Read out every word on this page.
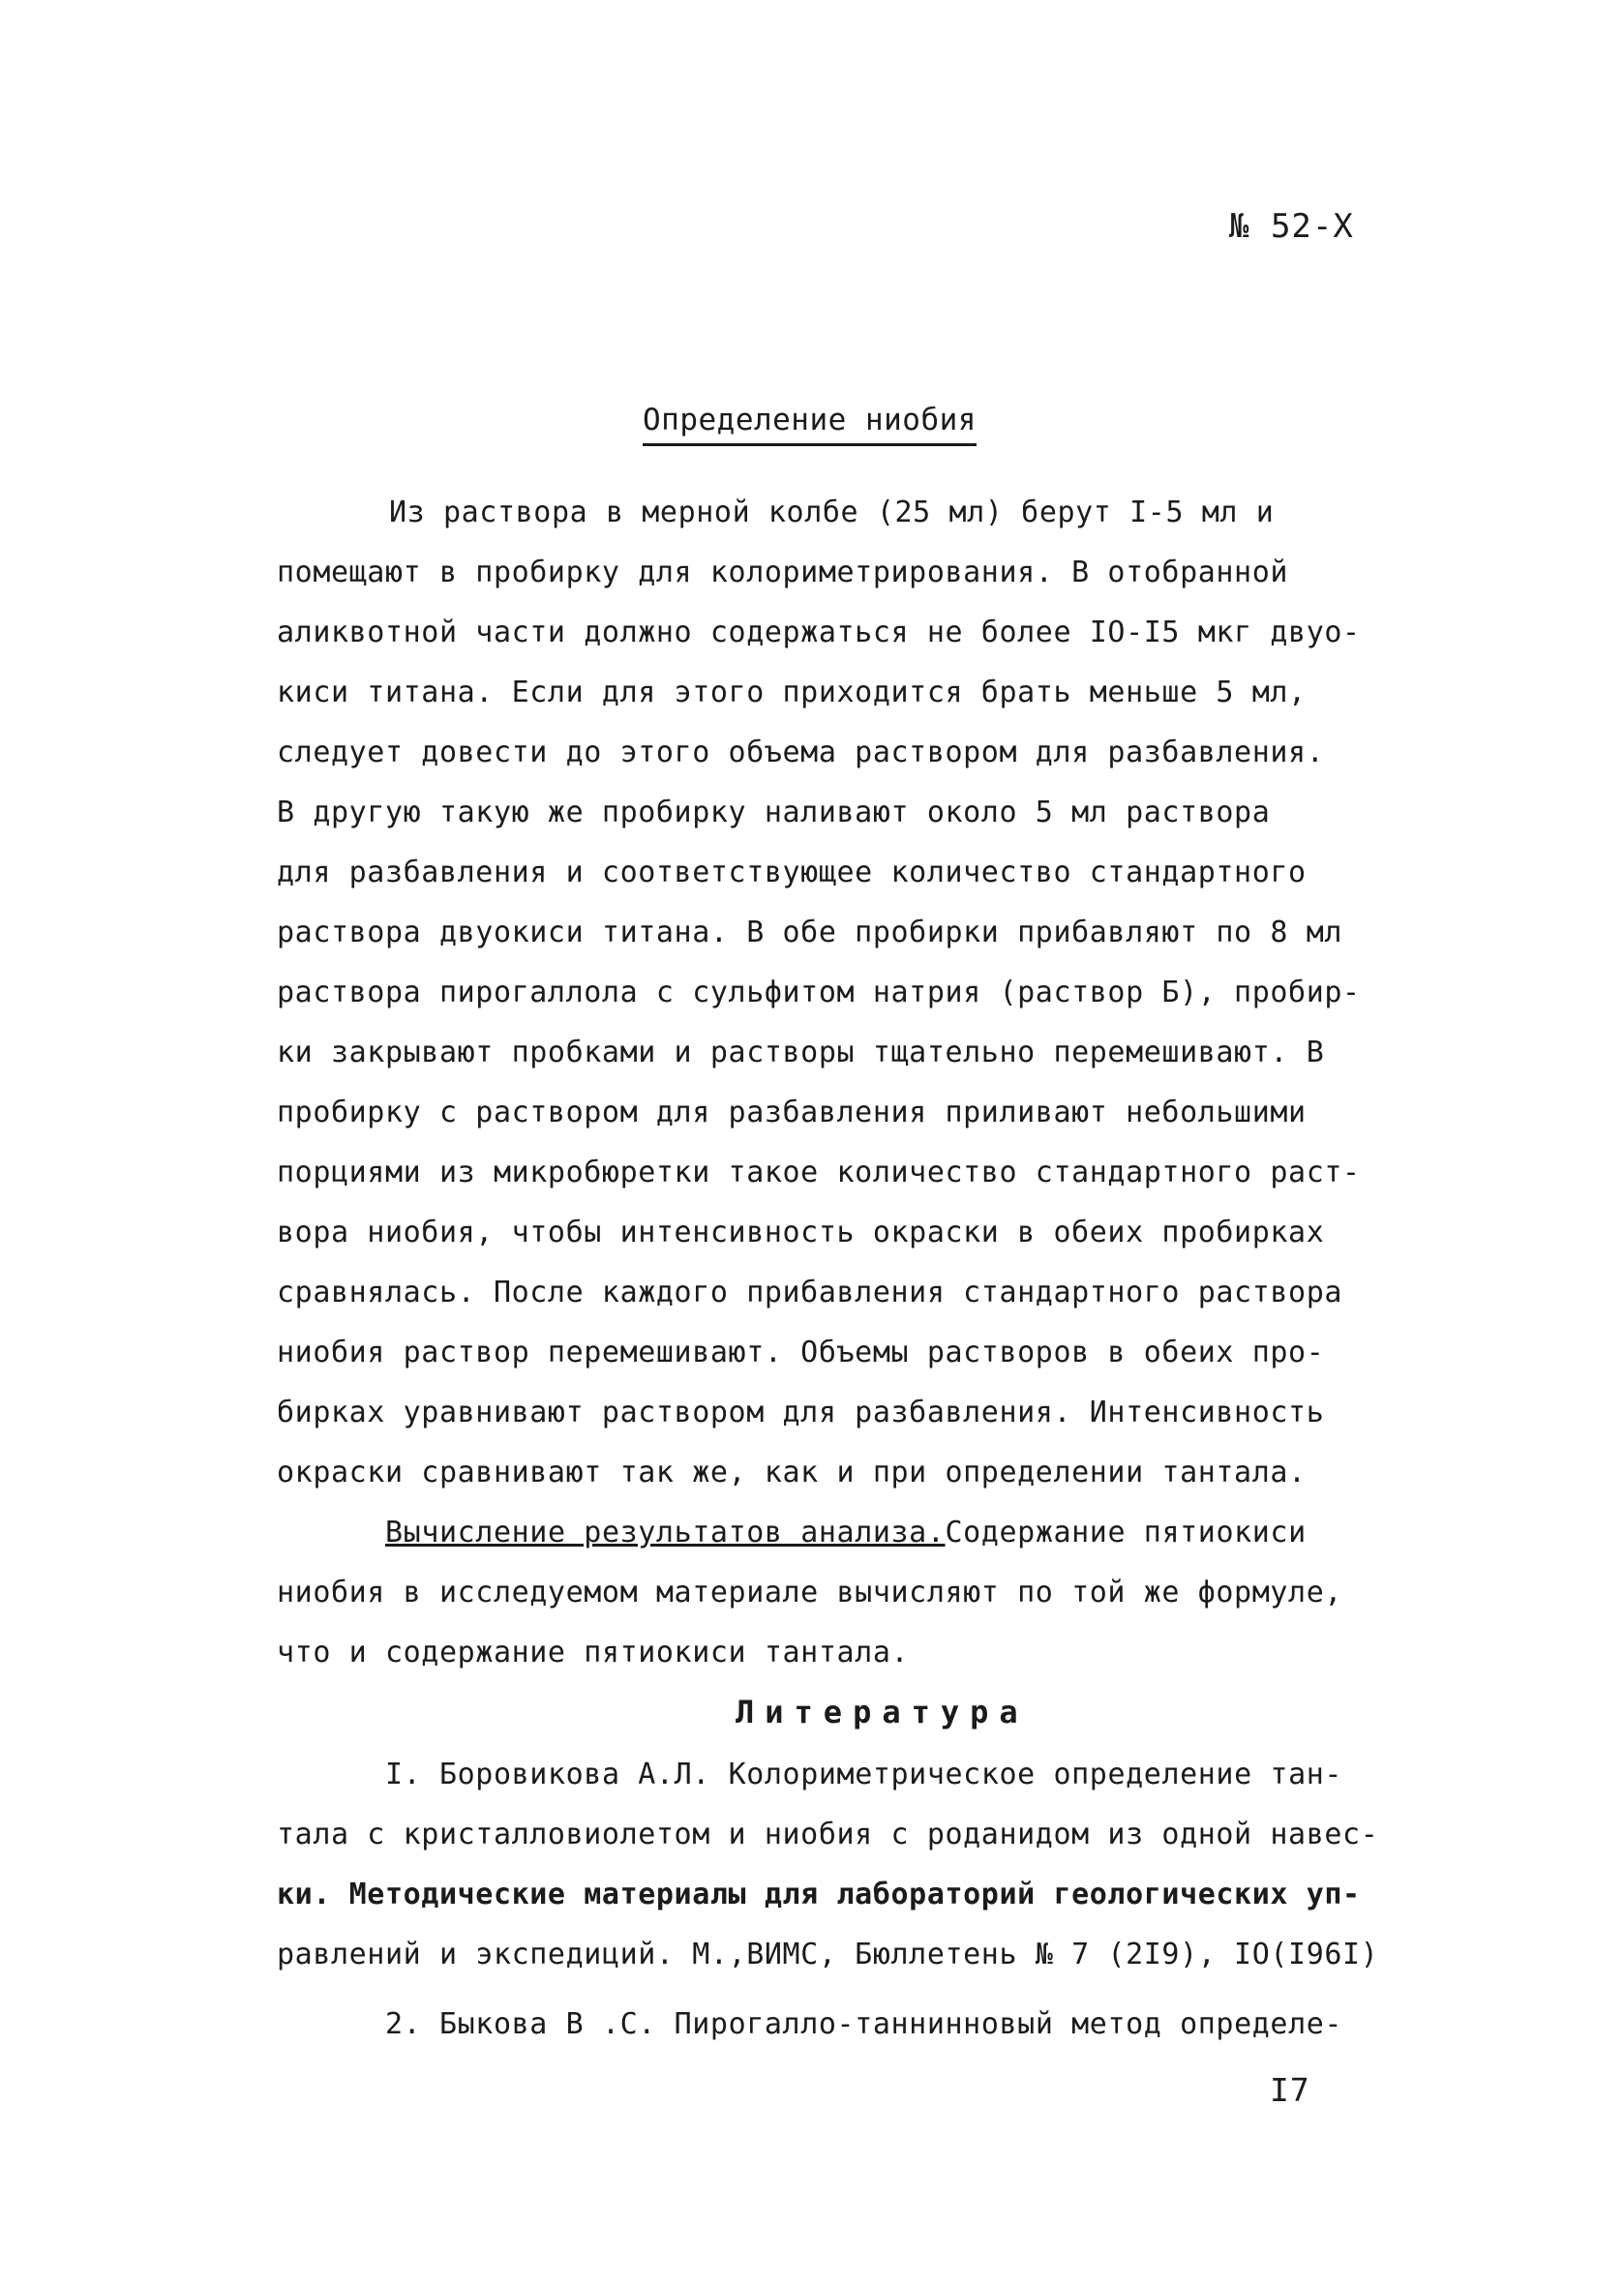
№ 52-Х
Определение ниобия
Из раствора в мерной колбе (25 мл) берут I-5 мл и
помещают в пробирку для колориметрирования. В отобранной
аликвотной части должно содержаться не более IO-I5 мкг двуо-
киси титана. Если для этого приходится брать меньше 5 мл,
следует довести до этого объема раствором для разбавления.
В другую такую же пробирку наливают около 5 мл раствора
для разбавления и соответствующее количество стандартного
раствора двуокиси титана. В обе пробирки прибавляют по 8 мл
раствора пирогаллола с сульфитом натрия (раствор Б), пробир-
ки закрывают пробками и растворы тщательно перемешивают. В
пробирку с раствором для разбавления приливают небольшими
порциями из микробюретки такое количество стандартного раст-
вора ниобия, чтобы интенсивность окраски в обеих пробирках
сравнялась. После каждого прибавления стандартного раствора
ниобия раствор перемешивают. Объемы растворов в обеих про-
бирках уравнивают раствором для разбавления. Интенсивность
окраски сравнивают так же, как и при определении тантала.
Вычисление результатов анализа.Содержание пятиокиси
ниобия в исследуемом материале вычисляют по той же формуле,
что и содержание пятиокиси тантала.
Литература
I. Боровикова А.Л. Колориметрическое определение тан-
тала с кристалловиолетом и ниобия с роданидом из одной навес-
ки. Методические материалы для лабораторий геологических уп-
равлений и экспедиций. М.,ВИМС, Бюллетень № 7 (2I9), IO(I96I)
2. Быкова В .С. Пирогалло-таннинновый метод определе-
I7
